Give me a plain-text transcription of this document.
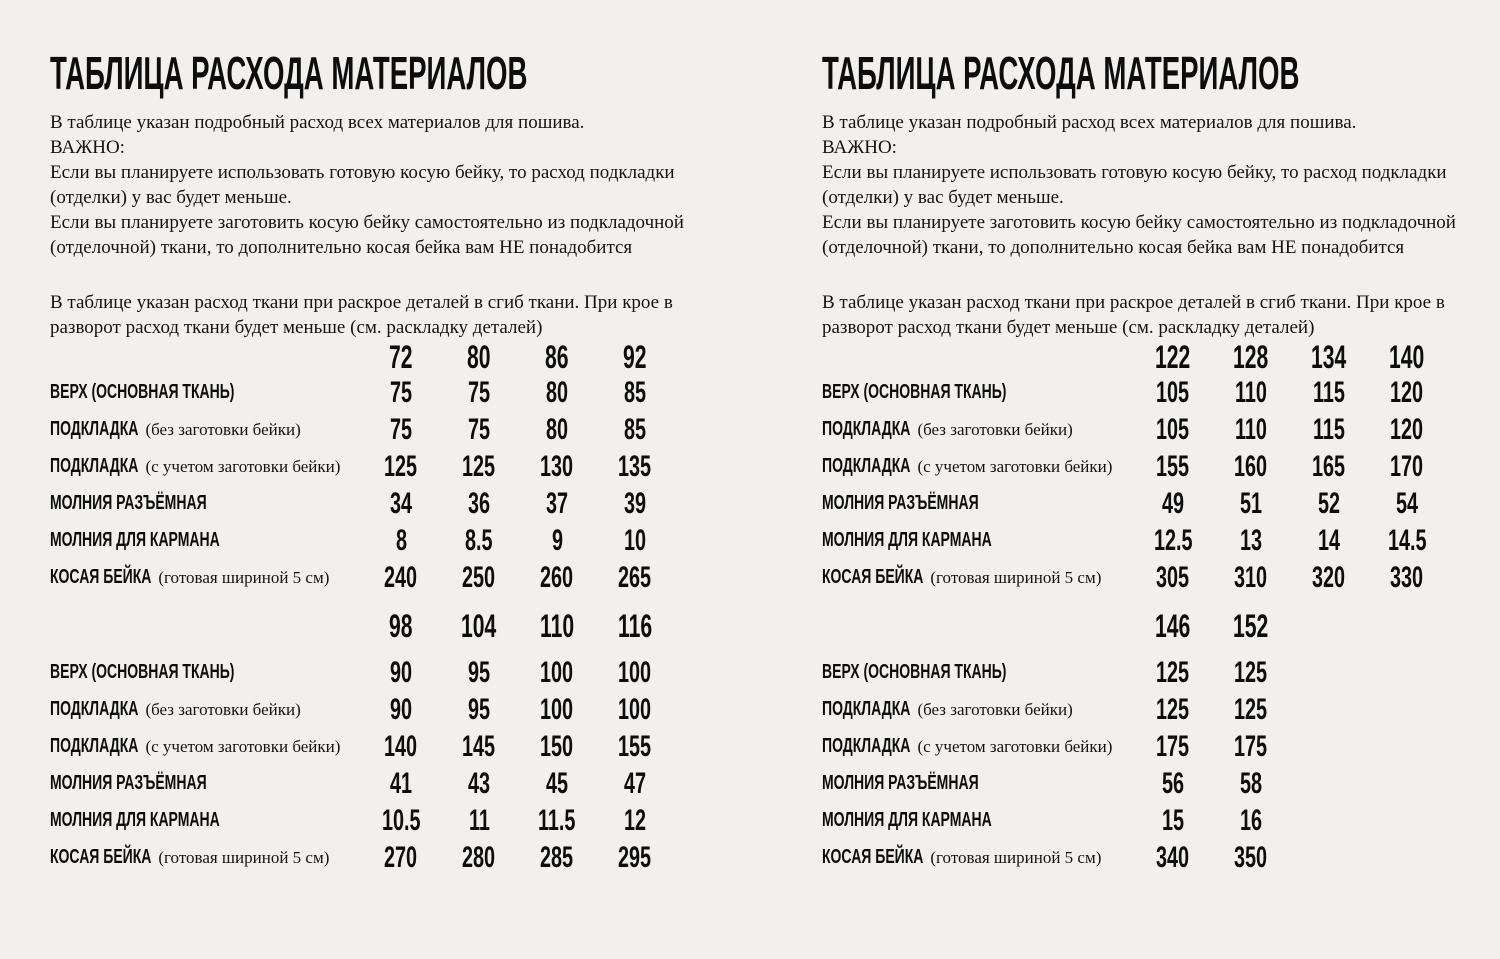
ТАБЛИЦА РАСХОДА МАТЕРИАЛОВ

В таблице указан подробный расход всех материалов для пошива.

ВАЖНО:

Если вы планируете использовать готовую косую бейку, то расход подкладки (отделки) у вас будет меньше.

Если вы планируете заготовить косую бейку самостоятельно из подкладочной (отделочной) ткани, то дополнительно косая бейка вам НЕ понадобится

В таблице указан расход ткани при раскрое деталей в сгиб ткани. При крое в разворот расход ткани будет меньше (см. раскладку деталей)

72	80	86	92
ВЕРХ (ОСНОВНАЯ ТКАНЬ)	75	75	80	85
ПОДКЛАДКА (без заготовки бейки)	75	75	80	85
ПОДКЛАДКА (с учетом заготовки бейки)	125	125	130	135
МОЛНИЯ РАЗЪЁМНАЯ	34	36	37	39
МОЛНИЯ ДЛЯ КАРМАНА	8	8.5	9	10
КОСАЯ БЕЙКА (готовая шириной 5 см)	240	250	260	265
98	104	110	116
ВЕРХ (ОСНОВНАЯ ТКАНЬ)	90	95	100	100
ПОДКЛАДКА (без заготовки бейки)	90	95	100	100
ПОДКЛАДКА (с учетом заготовки бейки)	140	145	150	155
МОЛНИЯ РАЗЪЁМНАЯ	41	43	45	47
МОЛНИЯ ДЛЯ КАРМАНА	10.5	11	11.5	12
КОСАЯ БЕЙКА (готовая шириной 5 см)	270	280	285	295
ТАБЛИЦА РАСХОДА МАТЕРИАЛОВ

В таблице указан подробный расход всех материалов для пошива.

ВАЖНО:

Если вы планируете использовать готовую косую бейку, то расход подкладки (отделки) у вас будет меньше.

Если вы планируете заготовить косую бейку самостоятельно из подкладочной (отделочной) ткани, то дополнительно косая бейка вам НЕ понадобится

В таблице указан расход ткани при раскрое деталей в сгиб ткани. При крое в разворот расход ткани будет меньше (см. раскладку деталей)

122	128	134	140
ВЕРХ (ОСНОВНАЯ ТКАНЬ)	105	110	115	120
ПОДКЛАДКА (без заготовки бейки)	105	110	115	120
ПОДКЛАДКА (с учетом заготовки бейки)	155	160	165	170
МОЛНИЯ РАЗЪЁМНАЯ	49	51	52	54
МОЛНИЯ ДЛЯ КАРМАНА	12.5	13	14	14.5
КОСАЯ БЕЙКА (готовая шириной 5 см)	305	310	320	330
146	152
ВЕРХ (ОСНОВНАЯ ТКАНЬ)	125	125
ПОДКЛАДКА (без заготовки бейки)	125	125
ПОДКЛАДКА (с учетом заготовки бейки)	175	175
МОЛНИЯ РАЗЪЁМНАЯ	56	58
МОЛНИЯ ДЛЯ КАРМАНА	15	16
КОСАЯ БЕЙКА (готовая шириной 5 см)	340	350
